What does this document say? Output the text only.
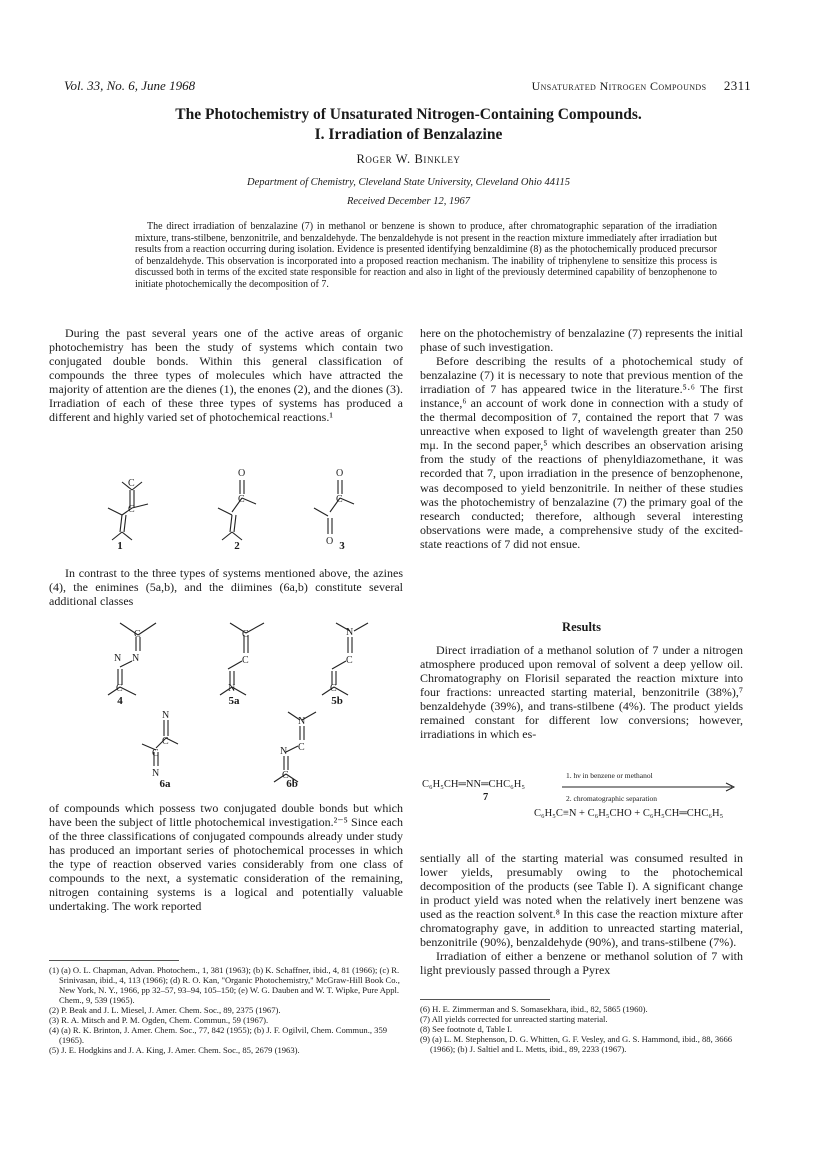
Vol. 33, No. 6, June 1968	Unsaturated Nitrogen Compounds 2311
The Photochemistry of Unsaturated Nitrogen-Containing Compounds.
I. Irradiation of Benzalazine
Roger W. Binkley
Department of Chemistry, Cleveland State University, Cleveland Ohio 44115
Received December 12, 1967
The direct irradiation of benzalazine (7) in methanol or benzene is shown to produce, after chromatographic separation of the irradiation mixture, trans-stilbene, benzonitrile, and benzaldehyde. The benzaldehyde is not present in the reaction mixture immediately after irradiation but results from a reaction occurring during isolation. Evidence is presented identifying benzaldimine (8) as the photochemically produced precursor of benzaldehyde. This observation is incorporated into a proposed reaction mechanism. The inability of triphenylene to sensitize this process is discussed both in terms of the excited state responsible for reaction and also in light of the previously determined capability of benzophenone to initiate photochemically the decomposition of 7.

During the past several years one of the active areas of organic photochemistry has been the study of systems which contain two conjugated double bonds. Within this general classification of compounds the three types of molecules which have attracted the majority of attention are the dienes (1), the enones (2), and the diones (3). Irradiation of each of these three types of systems has produced a different and highly varied set of photochemical reactions.¹

C
C
O
C
O
C
O
1	2	3

In contrast to the three types of systems mentioned above, the azines (4), the enimines (5a,b), and the diimines (6a,b) constitute several additional classes

C
N
N
C
C
C
N
N
C
C
4	5a	5b
N
C
C
N
N
N C
C
6a	6b

of compounds which possess two conjugated double bonds but which have been the subject of little photochemical investigation.²⁻⁵ Since each of the three classifications of conjugated compounds already under study has produced an important series of photochemical processes in which the type of reaction observed varies considerably from one class of compounds to the next, a systematic consideration of the remaining, nitrogen containing systems is a logical and potentially valuable undertaking. The work reported

(1) (a) O. L. Chapman, Advan. Photochem., 1, 381 (1963); (b) K. Schaffner, ibid., 4, 81 (1966); (c) R. Srinivasan, ibid., 4, 113 (1966); (d) R. O. Kan, "Organic Photochemistry," McGraw-Hill Book Co., New York, N. Y., 1966, pp 32–57, 93–94, 105–150; (e) W. G. Dauben and W. T. Wipke, Pure Appl. Chem., 9, 539 (1965).
(2) P. Beak and J. L. Miesel, J. Amer. Chem. Soc., 89, 2375 (1967).
(3) R. A. Mitsch and P. M. Ogden, Chem. Commun., 59 (1967).
(4) (a) R. K. Brinton, J. Amer. Chem. Soc., 77, 842 (1955); (b) J. F. Ogilvil, Chem. Commun., 359 (1965).
(5) J. E. Hodgkins and J. A. King, J. Amer. Chem. Soc., 85, 2679 (1963).

here on the photochemistry of benzalazine (7) represents the initial phase of such investigation.

Before describing the results of a photochemical study of benzalazine (7) it is necessary to note that previous mention of the irradiation of 7 has appeared twice in the literature.⁵·⁶ The first instance,⁶ an account of work done in connection with a study of the thermal decomposition of 7, contained the report that 7 was unreactive when exposed to light of wavelength greater than 250 mμ. In the second paper,⁵ which describes an observation arising from the study of the reactions of phenyldiazomethane, it was recorded that 7, upon irradiation in the presence of benzophenone, was decomposed to yield benzonitrile. In neither of these studies was the photochemistry of benzalazine (7) the primary goal of the research conducted; therefore, although several interesting observations were made, a comprehensive study of the excited-state reactions of 7 did not ensue.

Results

Direct irradiation of a methanol solution of 7 under a nitrogen atmosphere produced upon removal of solvent a deep yellow oil. Chromatography on Florisil separated the reaction mixture into four fractions: unreacted starting material, benzonitrile (38%),⁷ benzaldehyde (39%), and trans-stilbene (4%). The product yields remained constant for different low conversions; however, irradiations in which es-

C₆H₅CH═NN═CHC₆H₅
7
1. hν in benzene or methanol
2. chromatographic separation
C₆H₅C≡N + C₆H₅CHO + C₆H₅CH═CHC₆H₅

sentially all of the starting material was consumed resulted in lower yields, presumably owing to the photochemical decomposition of the products (see Table I). A significant change in product yield was noted when the relatively inert benzene was used as the reaction solvent.⁸ In this case the reaction mixture after chromatography gave, in addition to unreacted starting material, benzonitrile (90%), benzaldehyde (90%), and trans-stilbene (7%).

Irradiation of either a benzene or methanol solution of 7 with light previously passed through a Pyrex

(6) H. E. Zimmerman and S. Somasekhara, ibid., 82, 5865 (1960).
(7) All yields corrected for unreacted starting material.
(8) See footnote d, Table I.
(9) (a) L. M. Stephenson, D. G. Whitten, G. F. Vesley, and G. S. Hammond, ibid., 88, 3666 (1966); (b) J. Saltiel and L. Metts, ibid., 89, 2233 (1967).
